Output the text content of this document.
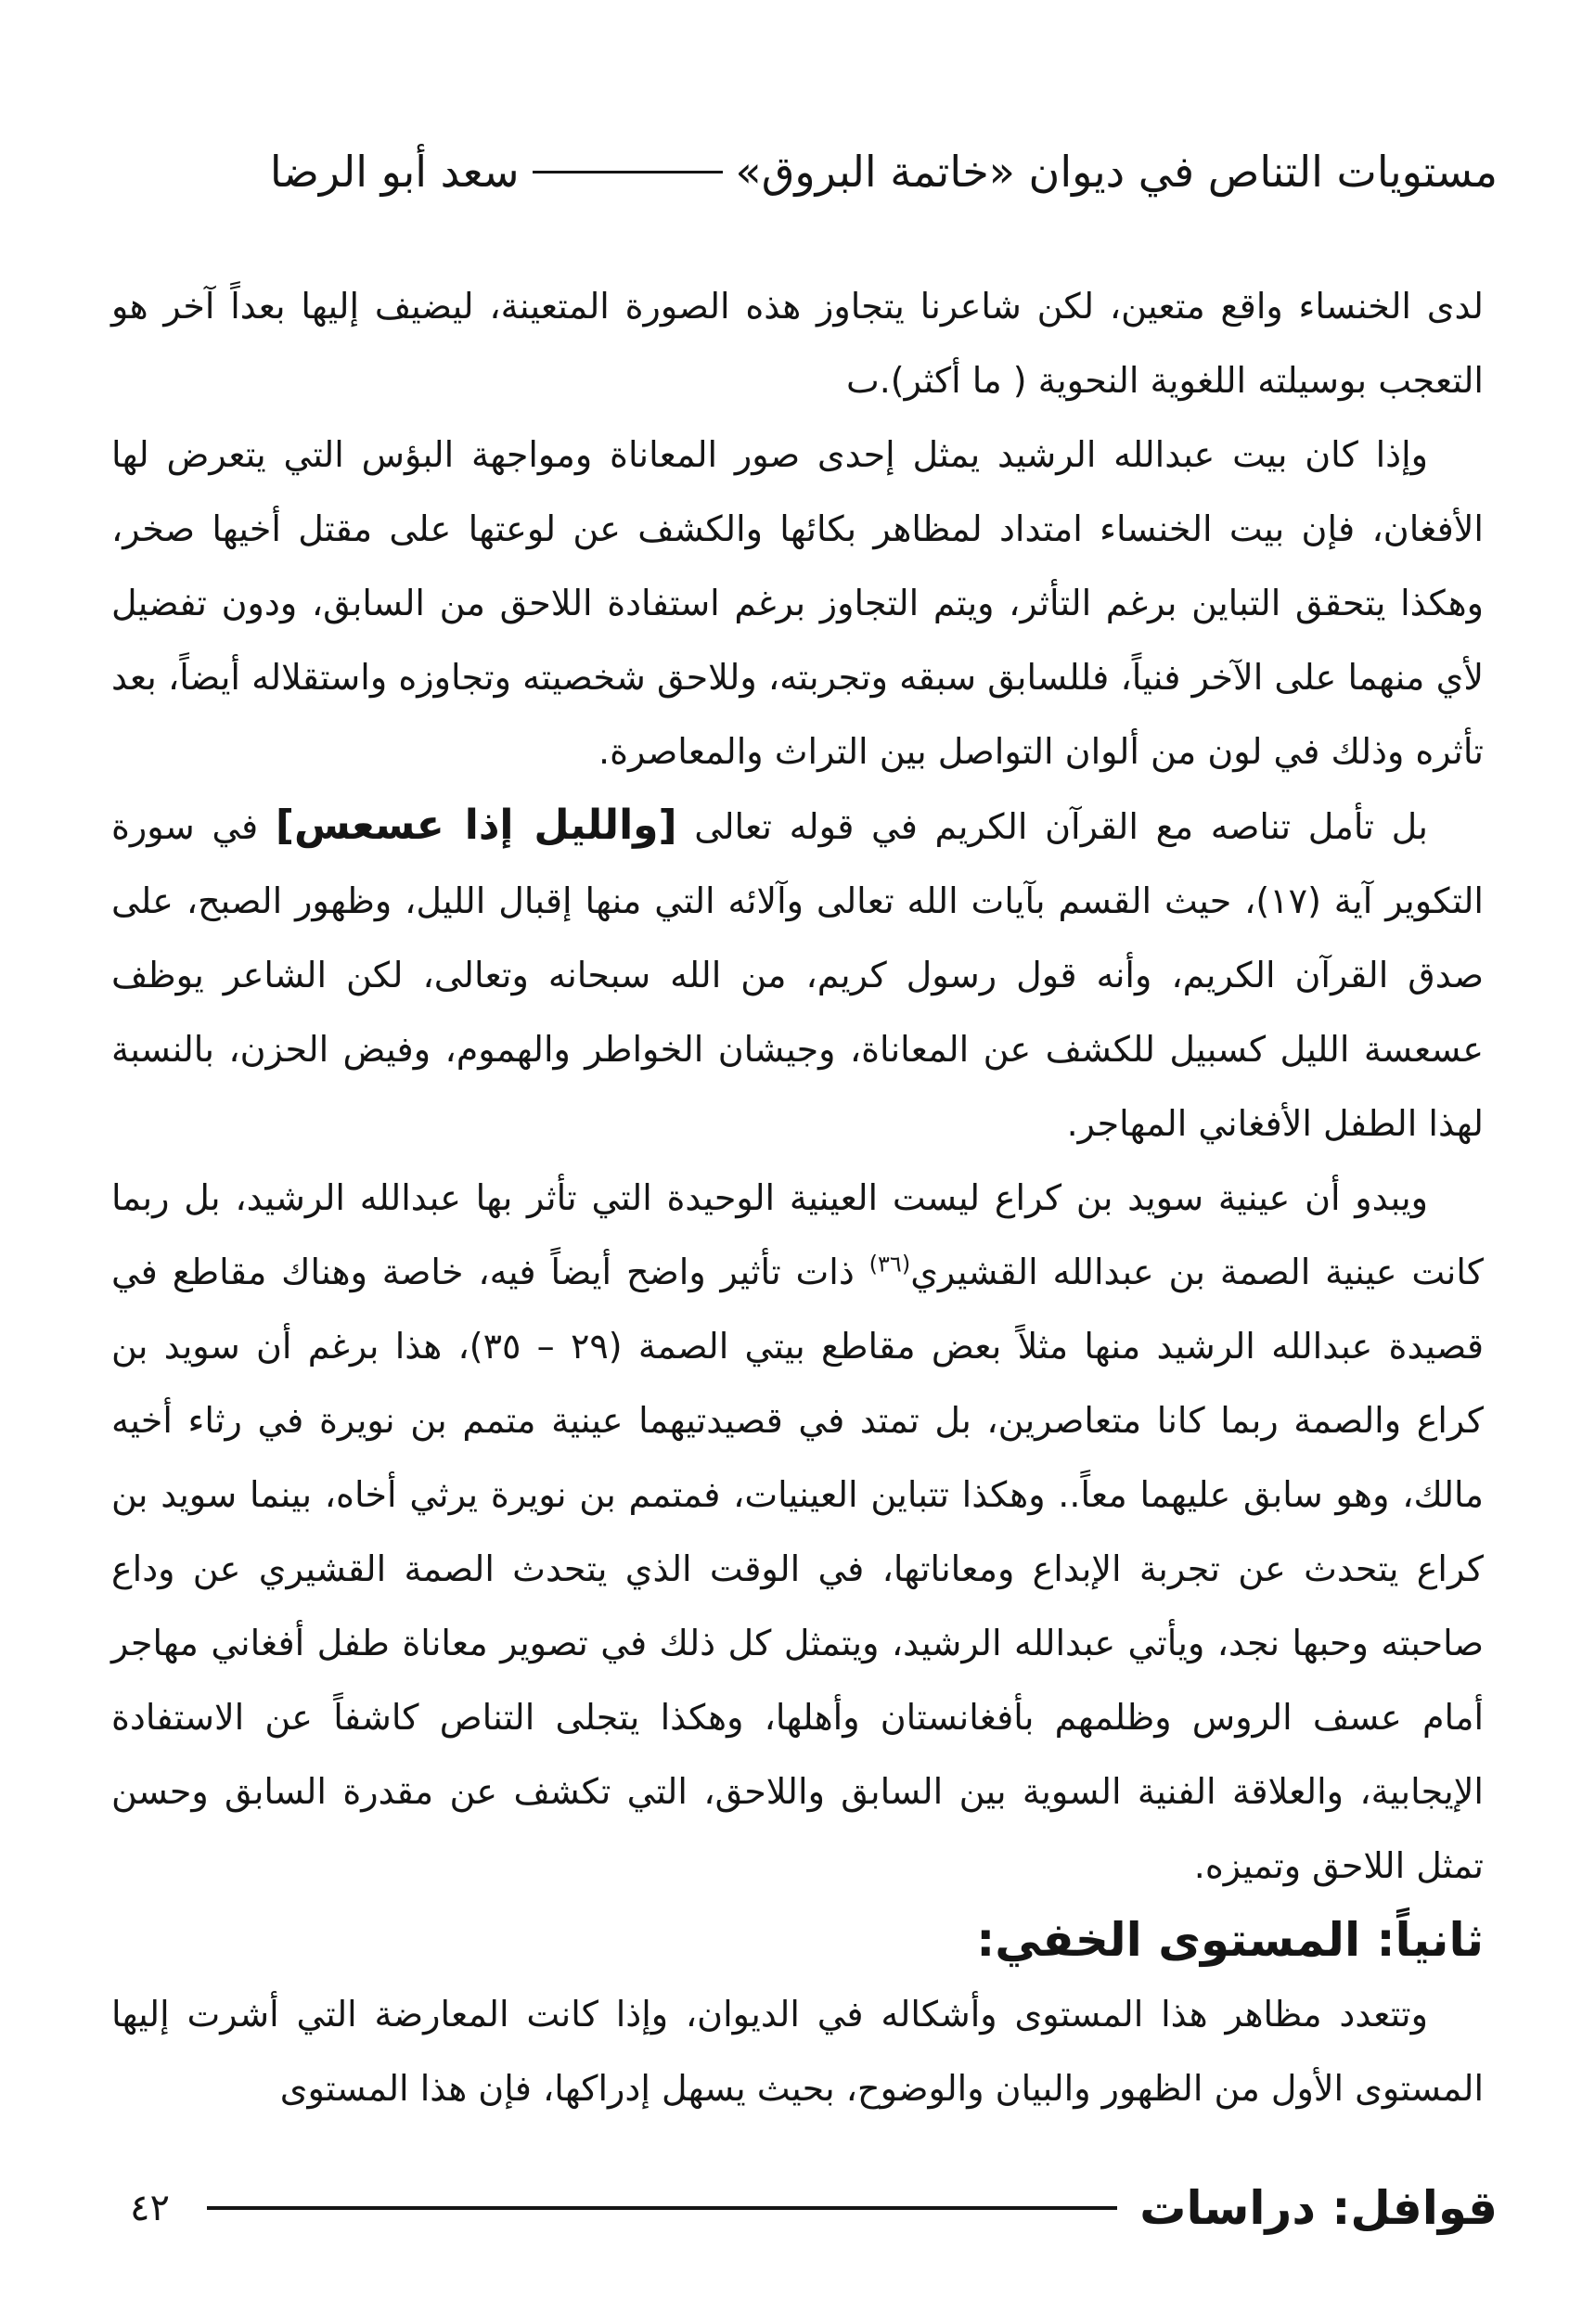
مستويات التناص في ديوان «خاتمة البروق»
سعد أبو الرضا

لدى الخنساء واقع متعين، لكن شاعرنا يتجاوز هذه الصورة المتعينة، ليضيف إليها بعداً آخر هو التعجب بوسيلته اللغوية النحوية ( ما أكثر).ٮ

وإذا كان بيت عبدالله الرشيد يمثل إحدى صور المعاناة ومواجهة البؤس التي يتعرض لها الأفغان، فإن بيت الخنساء امتداد لمظاهر بكائها والكشف عن لوعتها على مقتل أخيها صخر، وهكذا يتحقق التباين برغم التأثر، ويتم التجاوز برغم استفادة اللاحق من السابق، ودون تفضيل لأي منهما على الآخر فنياً، فللسابق سبقه وتجربته، وللاحق شخصيته وتجاوزه واستقلاله أيضاً، بعد تأثره وذلك في لون من ألوان التواصل بين التراث والمعاصرة.

بل تأمل تناصه مع القرآن الكريم في قوله تعالى [والليل إذا عسعس] في سورة التكوير آية (١٧)، حيث القسم بآيات الله تعالى وآلائه التي منها إقبال الليل، وظهور الصبح، على صدق القرآن الكريم، وأنه قول رسول كريم، من الله سبحانه وتعالى، لكن الشاعر يوظف عسعسة الليل كسبيل للكشف عن المعاناة، وجيشان الخواطر والهموم، وفيض الحزن، بالنسبة لهذا الطفل الأفغاني المهاجر.

ويبدو أن عينية سويد بن كراع ليست العينية الوحيدة التي تأثر بها عبدالله الرشيد، بل ربما كانت عينية الصمة بن عبدالله القشيري$^{(٣٦)}$ ذات تأثير واضح أيضاً فيه، خاصة وهناك مقاطع في قصيدة عبدالله الرشيد منها مثلاً بعض مقاطع بيتي الصمة (٢٩ – ٣٥)، هذا برغم أن سويد بن كراع والصمة ربما كانا متعاصرين، بل تمتد في قصيدتيهما عينية متمم بن نويرة في رثاء أخيه مالك، وهو سابق عليهما معاً.. وهكذا تتباين العينيات، فمتمم بن نويرة يرثي أخاه، بينما سويد بن كراع يتحدث عن تجربة الإبداع ومعاناتها، في الوقت الذي يتحدث الصمة القشيري عن وداع صاحبته وحبها نجد، ويأتي عبدالله الرشيد، ويتمثل كل ذلك في تصوير معاناة طفل أفغاني مهاجر أمام عسف الروس وظلمهم بأفغانستان وأهلها، وهكذا يتجلى التناص كاشفاً عن الاستفادة الإيجابية، والعلاقة الفنية السوية بين السابق واللاحق، التي تكشف عن مقدرة السابق وحسن تمثل اللاحق وتميزه.

ثانياً: المستوى الخفي:

وتتعدد مظاهر هذا المستوى وأشكاله في الديوان، وإذا كانت المعارضة التي أشرت إليها المستوى الأول من الظهور والبيان والوضوح، بحيث يسهل إدراكها، فإن هذا المستوى

قوافل: دراسات
٤٢
